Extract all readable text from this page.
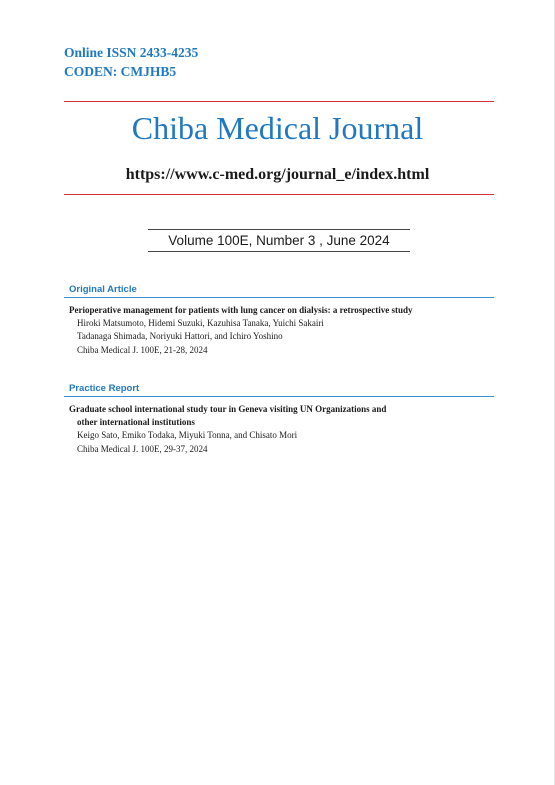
Online ISSN 2433-4235
CODEN: CMJHB5
Chiba Medical Journal
https://www.c-med.org/journal_e/index.html
Volume 100E, Number 3 , June 2024
Original Article
Perioperative management for patients with lung cancer on dialysis: a retrospective study
Hiroki Matsumoto, Hidemi Suzuki, Kazuhisa Tanaka, Yuichi Sakairi
Tadanaga Shimada, Noriyuki Hattori, and Ichiro Yoshino
Chiba Medical J. 100E, 21-28, 2024
Practice Report
Graduate school international study tour in Geneva visiting UN Organizations and
other international institutions
Keigo Sato, Emiko Todaka, Miyuki Tonna, and Chisato Mori
Chiba Medical J. 100E, 29-37, 2024
